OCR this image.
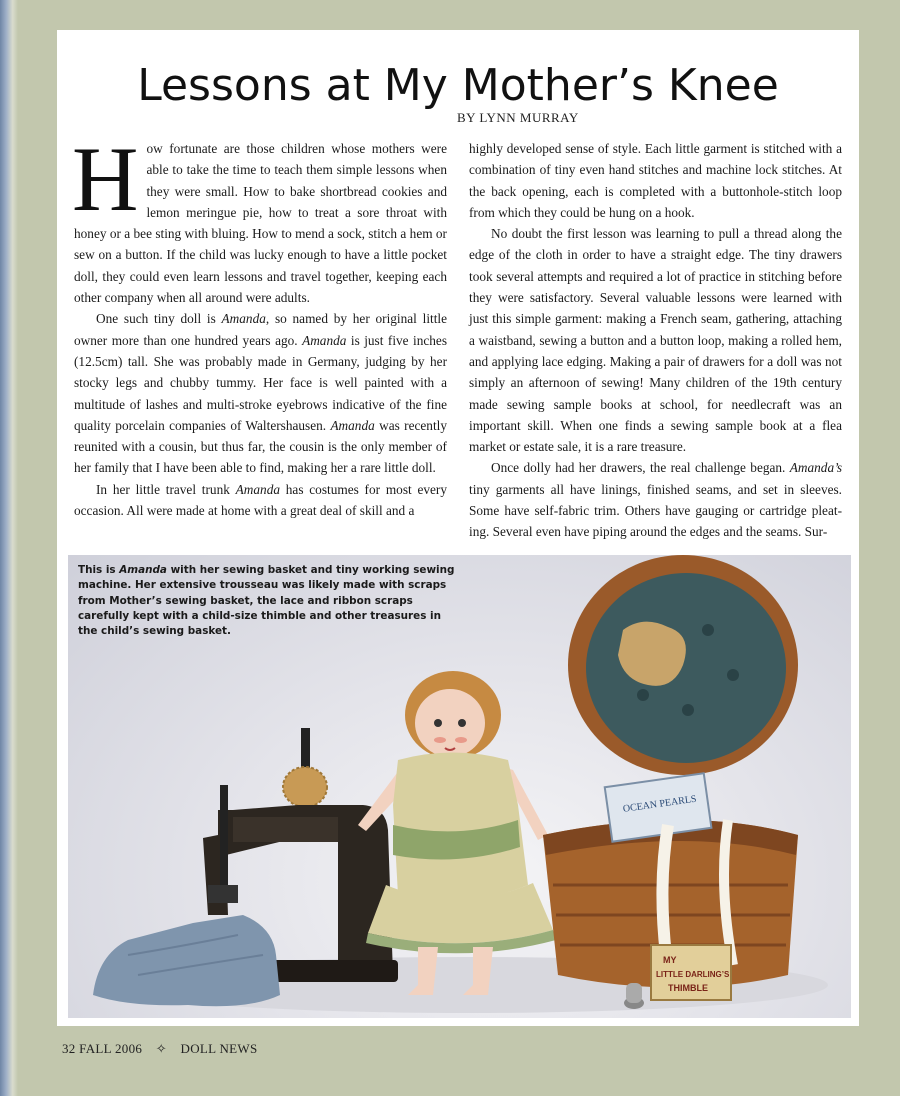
Lessons at My Mother’s Knee
BY LYNN MURRAY
H ow fortunate are those children whose mothers were able to take the time to teach them simple lessons when they were small. How to bake shortbread cookies and lemon meringue pie, how to treat a sore throat with honey or a bee sting with bluing. How to mend a sock, stitch a hem or sew on a button. If the child was lucky enough to have a little pocket doll, they could even learn lessons and travel together, keeping each other company when all around were adults.

One such tiny doll is Amanda, so named by her original little owner more than one hundred years ago. Amanda is just five inches (12.5cm) tall. She was probably made in Germany, judging by her stocky legs and chubby tummy. Her face is well painted with a multitude of lashes and multi-stroke eyebrows indicative of the fine quality porcelain companies of Waltershausen. Amanda was recently reunited with a cousin, but thus far, the cousin is the only member of her family that I have been able to find, making her a rare little doll.

In her little travel trunk Amanda has costumes for most every occasion. All were made at home with a great deal of skill and a

highly developed sense of style. Each little garment is stitched with a combination of tiny even hand stitches and machine lock stitches. At the back opening, each is completed with a buttonhole-stitch loop from which they could be hung on a hook.

No doubt the first lesson was learning to pull a thread along the edge of the cloth in order to have a straight edge. The tiny drawers took several attempts and required a lot of practice in stitching before they were satisfactory. Several valuable lessons were learned with just this simple garment: making a French seam, gathering, attaching a waistband, sewing a button and a button loop, making a rolled hem, and applying lace edging. Making a pair of drawers for a doll was not simply an afternoon of sewing! Many children of the 19th century made sewing sample books at school, for needlecraft was an important skill. When one finds a sewing sample book at a flea market or estate sale, it is a rare treasure.

Once dolly had her drawers, the real challenge began. Amanda’s tiny garments all have linings, finished seams, and set in sleeves. Some have self-fabric trim. Others have gauging or cartridge pleating. Several even have piping around the edges and the seams. Sur-

OCEAN PEARLS
MY
LITTLE DARLING’S
THIMBLE

This is Amanda with her sewing basket and tiny working sewing machine. Her extensive trousseau was likely made with scraps from Mother’s sewing basket, the lace and ribbon scraps carefully kept with a child-size thimble and other treasures in the child’s sewing basket.

32 FALL 2006 ✧ DOLL NEWS
